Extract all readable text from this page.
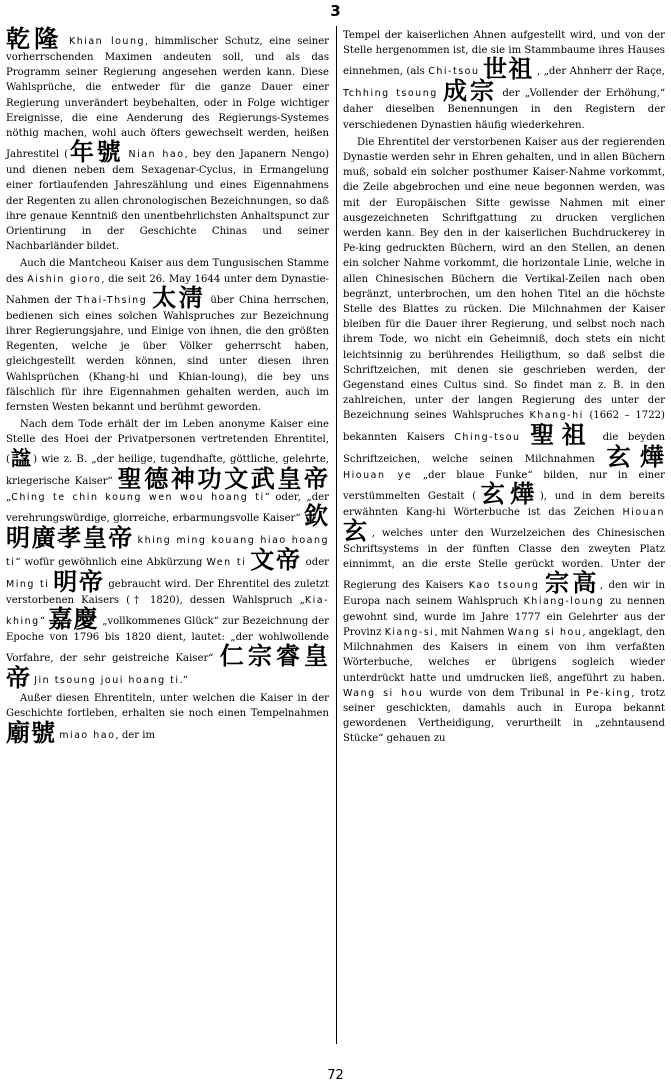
3

乾隆 Khian loung, himmlischer Schutz, eine seiner vorherrschenden Maximen andeuten soll, und als das Programm seiner Regierung angesehen werden kann. Diese Wahlsprüche, die entweder für die ganze Dauer einer Regierung unverändert beybehalten, oder in Folge wichtiger Ereignisse, die eine Aenderung des Regierungs-Systemes nöthig machen, wohl auch öfters gewechselt werden, heißen Jahrestitel (年號 Nian hao, bey den Japanern Nengo) und dienen neben dem Sexagenar-Cyclus, in Ermangelung einer fortlaufenden Jahreszählung und eines Eigennahmens der Regenten zu allen chronologischen Bezeichnungen, so daß ihre genaue Kenntniß den unentbehrlichsten Anhaltspunct zur Orientirung in der Geschichte Chinas und seiner Nachbarländer bildet.

Auch die Mantcheou Kaiser aus dem Tungusischen Stamme des Aishin gioro, die seit 26. May 1644 unter dem Dynastie-Nahmen der Thai-Thsing 太淸 über China herrschen, bedienen sich eines solchen Wahlspruches zur Bezeichnung ihrer Regierungsjahre, und Einige von ihnen, die den größten Regenten, welche je über Völker geherrscht haben, gleichgestellt werden können, sind unter diesen ihren Wahlsprüchen (Khang-hi und Khian-loung), die bey uns fälschlich für ihre Eigennahmen gehalten werden, auch im fernsten Westen bekannt und berühmt geworden.

Nach dem Tode erhält der im Leben anonyme Kaiser eine Stelle des Hoei der Privatpersonen vertretenden Ehrentitel, (諡) wie z. B. „der heilige, tugendhafte, göttliche, gelehrte, kriegerische Kaiser“ 聖德神功文武皇帝 „Ching te chin koung wen wou hoang ti“ oder, „der verehrungswürdige, glorreiche, erbarmungsvolle Kaiser“ 欽明廣孝皇帝 khing ming kouang hiao hoang ti“ wofür gewöhnlich eine Abkürzung Wen ti 文帝 oder Ming ti 明帝 gebraucht wird. Der Ehrentitel des zuletzt verstorbenen Kaisers († 1820), dessen Wahlspruch „Kia-khing“ 嘉慶 „vollkommenes Glück“ zur Bezeichnung der Epoche von 1796 bis 1820 dient, lautet: „der wohlwollende Vorfahre, der sehr geistreiche Kaiser“ 仁宗睿皇帝 Jin tsoung joui hoang ti.“

Außer diesen Ehrentiteln, unter welchen die Kaiser in der Geschichte fortleben, erhalten sie noch einen Tempelnahmen 廟號 miao hao, der im

Tempel der kaiserlichen Ahnen aufgestellt wird, und von der Stelle hergenommen ist, die sie im Stammbaume ihres Hauses einnehmen, (als Chi-tsou 世祖 , „der Ahnherr der Raçe, Tchhing tsoung 成宗 der „Vollender der Erhöhung,“ daher dieselben Benennungen in den Registern der verschiedenen Dynastien häufig wiederkehren.

Die Ehrentitel der verstorbenen Kaiser aus der regierenden Dynastie werden sehr in Ehren gehalten, und in allen Büchern muß, sobald ein solcher posthumer Kaiser-Nahme vorkommt, die Zeile abgebrochen und eine neue begonnen werden, was mit der Europäischen Sitte gewisse Nahmen mit einer ausgezeichneten Schriftgattung zu drucken verglichen werden kann. Bey den in der kaiserlichen Buchdruckerey in Pe-king gedruckten Büchern, wird an den Stellen, an denen ein solcher Nahme vorkommt, die horizontale Linie, welche in allen Chinesischen Büchern die Vertikal-Zeilen nach oben begränzt, unterbrochen, um den hohen Titel an die höchste Stelle des Blattes zu rücken. Die Milchnahmen der Kaiser bleiben für die Dauer ihrer Regierung, und selbst noch nach ihrem Tode, wo nicht ein Geheimniß, doch stets ein nicht leichtsinnig zu berührendes Heiligthum, so daß selbst die Schriftzeichen, mit denen sie geschrieben werden, der Gegenstand eines Cultus sind. So findet man z. B. in den zahlreichen, unter der langen Regierung des unter der Bezeichnung seines Wahlspruches Khang-hi (1662 – 1722) bekannten Kaisers Ching-tsou 聖祖 die beyden Schriftzeichen, welche seinen Milchnahmen 玄燁 Hiouan ye „der blaue Funke“ bilden, nur in einer verstümmelten Gestalt (玄燁), und in dem bereits erwähnten Kang-hi Wörterbuche ist das Zeichen Hiouan 玄, welches unter den Wurzelzeichen des Chinesischen Schriftsystems in der fünften Classe den zweyten Platz einnimmt, an die erste Stelle gerückt worden. Unter der Regierung des Kaisers Kao tsoung 宗高, den wir in Europa nach seinem Wahlspruch Khiang-loung zu nennen gewohnt sind, wurde im Jahre 1777 ein Gelehrter aus der Provinz Kiang-si, mit Nahmen Wang si hou, angeklagt, den Milchnahmen des Kaisers in einem von ihm verfaßten Wörterbuche, welches er übrigens sogleich wieder unterdrückt hatte und umdrucken ließ, angeführt zu haben. Wang si hou wurde von dem Tribunal in Pe-king, trotz seiner geschickten, damahls auch in Europa bekannt gewordenen Vertheidigung, verurtheilt in „zehntausend Stücke“ gehauen zu

72
